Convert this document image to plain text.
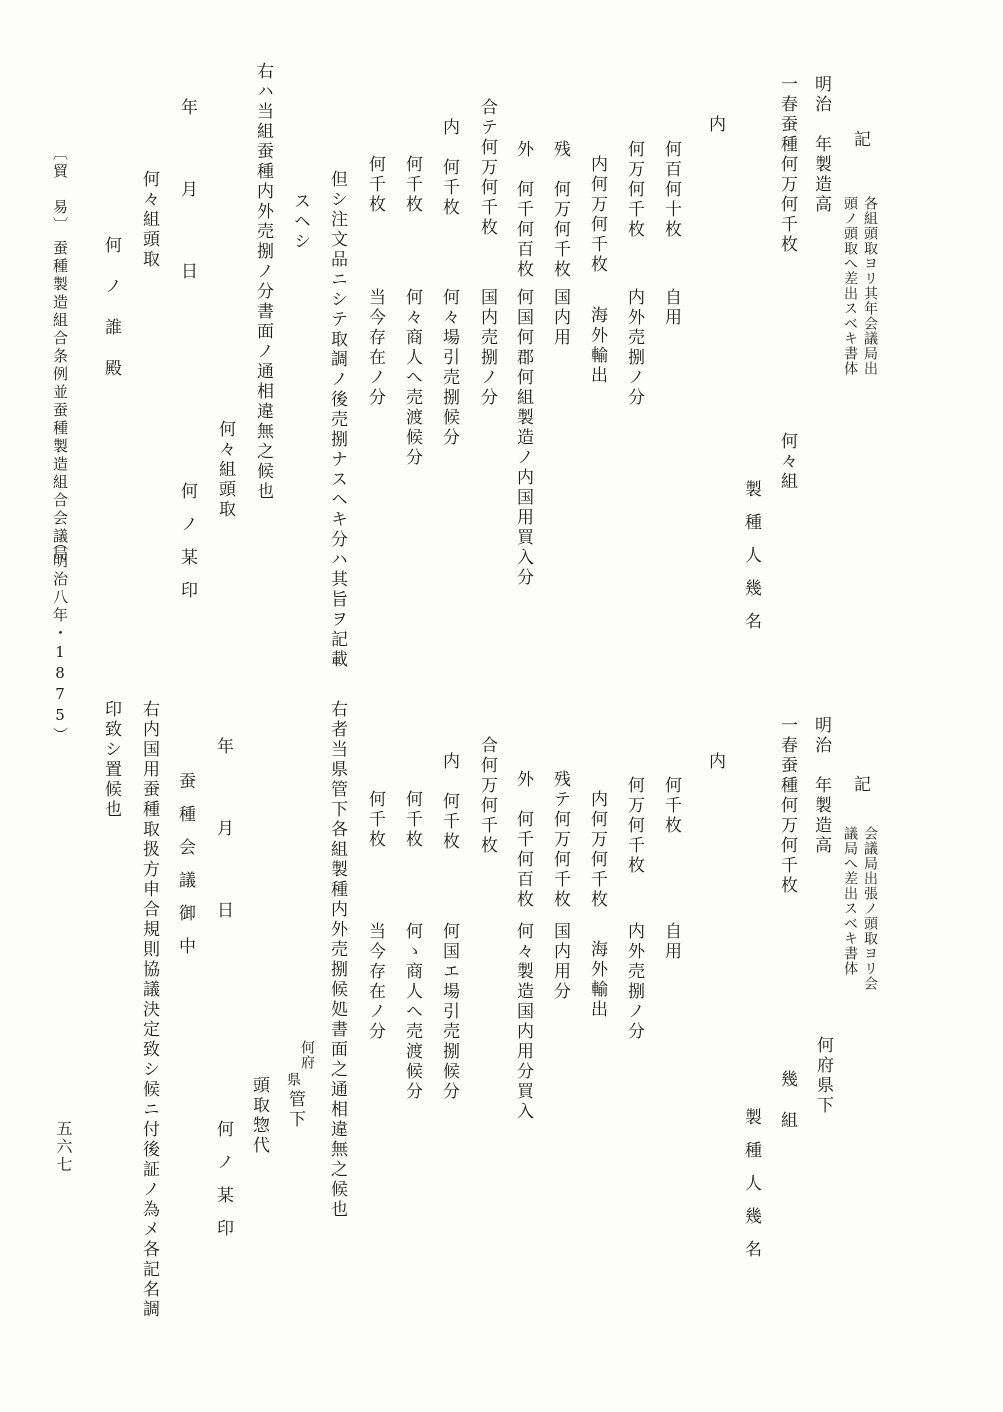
記
各組頭取ヨリ其年会議局出
頭ノ頭取へ差出スベキ書体
明治　年製造高
一春蚕種何万何千枚
何々組
製種人幾名
内
何百何十枚
自用
何万何千枚
内外売捌ノ分
内何万何千枚
海外輸出
残　何万何千枚
国内用
外　何千何百枚
何国何郡何組製造ノ内国用買入分
合テ何万何千枚
国内売捌ノ分
内　何千枚
何々場引売捌候分
何千枚
何々商人へ売渡候分
何千枚
当今存在ノ分
但シ注文品ニシテ取調ノ後売捌ナスヘキ分ハ其旨ヲ記載
スヘシ
右ハ当組蚕種内外売捌ノ分書面ノ通相違無之候也
何々組頭取
年　月　日
何ノ某印
何々組頭取
何ノ誰殿
記
会議局出張ノ頭取ヨリ会
議局へ差出スベキ書体
明治　年製造高
何府県下
一春蚕種何万何千枚
幾組
製種人幾名
内
何千枚
自用
何万何千枚
内外売捌ノ分
内何万何千枚
海外輸出
残テ何万何千枚
国内用分
外　何千何百枚
何々製造国内用分買入
合何万何千枚
内　何千枚
何国エ場引売捌候分
何千枚
何ゝ商人へ売渡候分
何千枚
当今存在ノ分
右者当県管下各組製種内外売捌候処書面之通相違無之候也
何府
県
管下
頭取惣代
年　月　日
何ノ某印
蚕種会議御中
右内国用蚕種取扱方申合規則協議決定致シ候ニ付後証ノ為メ各記名調
印致シ置候也
〔貿　易〕
蚕種製造組合条例並蚕種製造組合会議局
（明治八年・1875）
五六七
